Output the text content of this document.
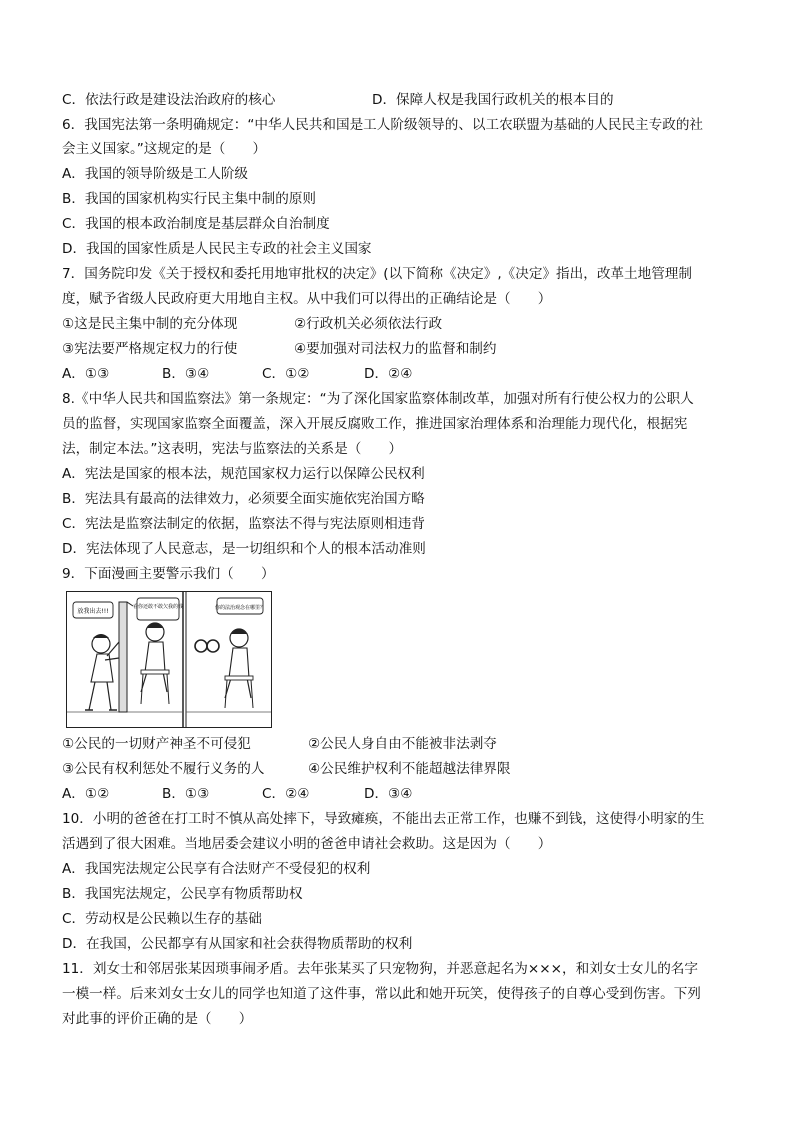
C．依法行政是建设法治政府的核心	D．保障人权是我国行政机关的根本目的
6．我国宪法第一条明确规定：“中华人民共和国是工人阶级领导的、以工农联盟为基础的人民民主专政的社
会主义国家。”这规定的是（　　）
A．我国的领导阶级是工人阶级
B．我国的国家机构实行民主集中制的原则
C．我国的根本政治制度是基层群众自治制度
D．我国的国家性质是人民民主专政的社会主义国家
7．国务院印发《关于授权和委托用地审批权的决定》(以下简称《决定》,《决定》指出，改革土地管理制
度，赋予省级人民政府更大用地自主权。从中我们可以得出的正确结论是（　　）
①这是民主集中制的充分体现	②行政机关必须依法行政
③宪法要严格规定权力的行使	④要加强对司法权力的监督和制约
A．①③	B．③④	C．①②	D．②④
8.《中华人民共和国监察法》第一条规定：“为了深化国家监察体制改革，加强对所有行使公权力的公职人
员的监督，实现国家监察全面覆盖，深入开展反腐败工作，推进国家治理体系和治理能力现代化，根据宪
法，制定本法。”这表明，宪法与监察法的关系是（　　）
A．宪法是国家的根本法，规范国家权力运行以保障公民权利
B．宪法具有最高的法律效力，必须要全面实施依宪治国方略
C．宪法是监察法制定的依据，监察法不得与宪法原则相违背
D．宪法体现了人民意志，是一切组织和个人的根本活动准则
9．下面漫画主要警示我们（　　）
放我出去!!!
看你还敢不敢欠我的钱	你的法治观念在哪里？
①公民的一切财产神圣不可侵犯	②公民人身自由不能被非法剥夺
③公民有权利惩处不履行义务的人	④公民维护权利不能超越法律界限
A．①②	B．①③	C．②④	D．③④
10．小明的爸爸在打工时不慎从高处摔下，导致瘫痪，不能出去正常工作，也赚不到钱，这使得小明家的生
活遇到了很大困难。当地居委会建议小明的爸爸申请社会救助。这是因为（　　）
A．我国宪法规定公民享有合法财产不受侵犯的权利
B．我国宪法规定，公民享有物质帮助权
C．劳动权是公民赖以生存的基础
D．在我国，公民都享有从国家和社会获得物质帮助的权利
11．刘女士和邻居张某因琐事闹矛盾。去年张某买了只宠物狗，并恶意起名为×××，和刘女士女儿的名字
一模一样。后来刘女士女儿的同学也知道了这件事，常以此和她开玩笑，使得孩子的自尊心受到伤害。下列
对此事的评价正确的是（　　）
